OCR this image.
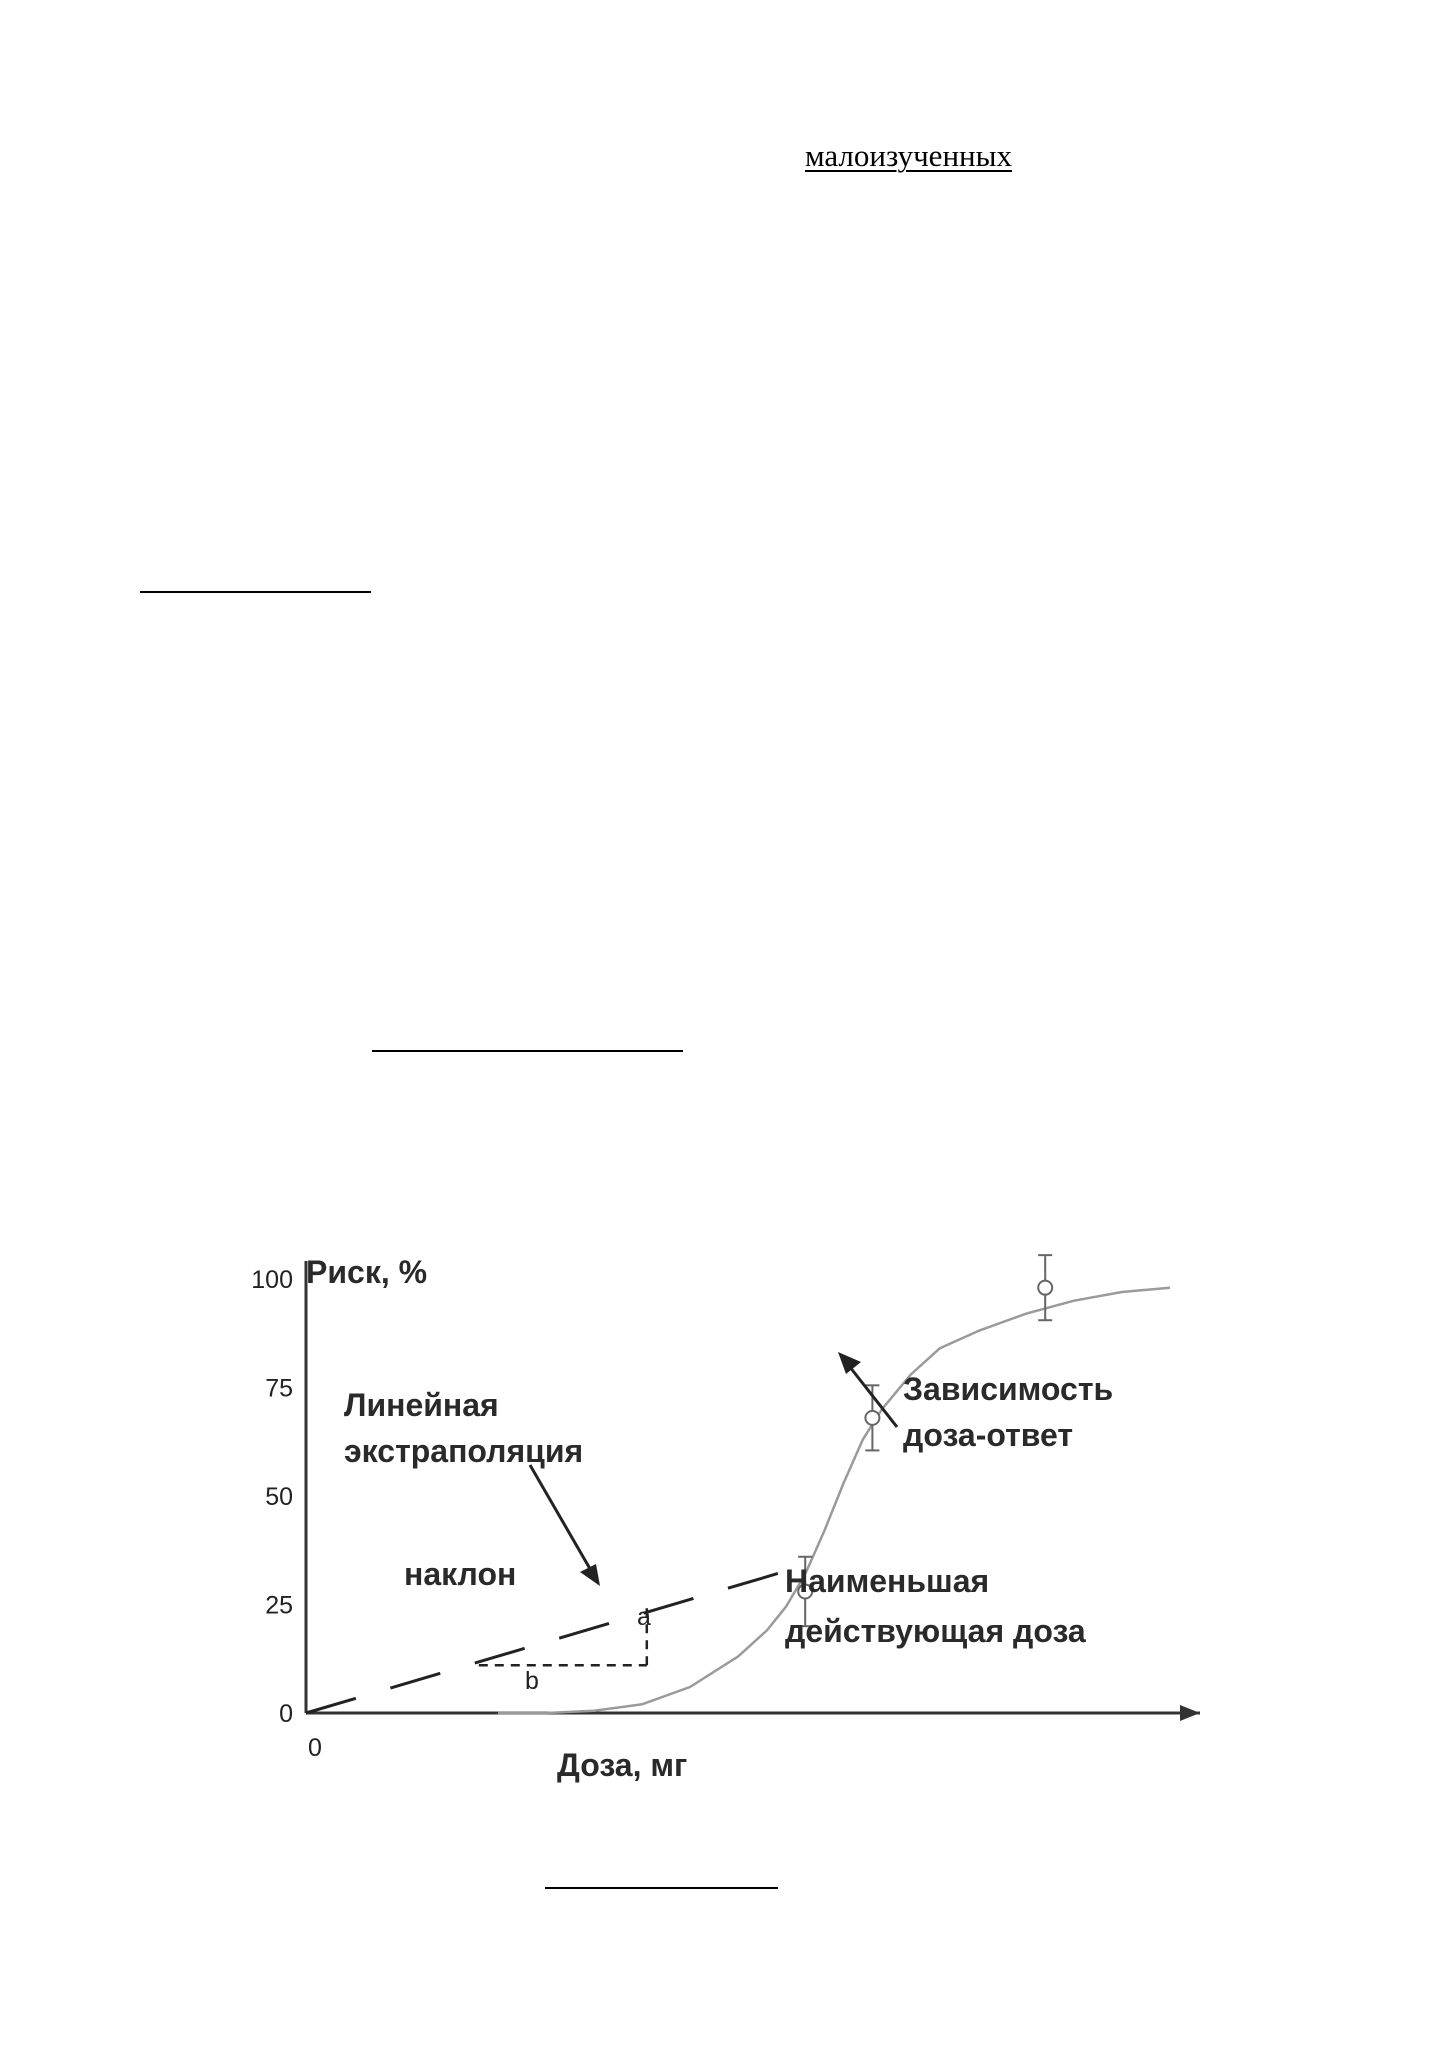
малоизученных
0
25
50
75
100
0
Риск, %
Доза, мг
Линейная
экстраполяция
наклон
Зависимость
доза-ответ
Наименьшая
действующая доза
a
b
